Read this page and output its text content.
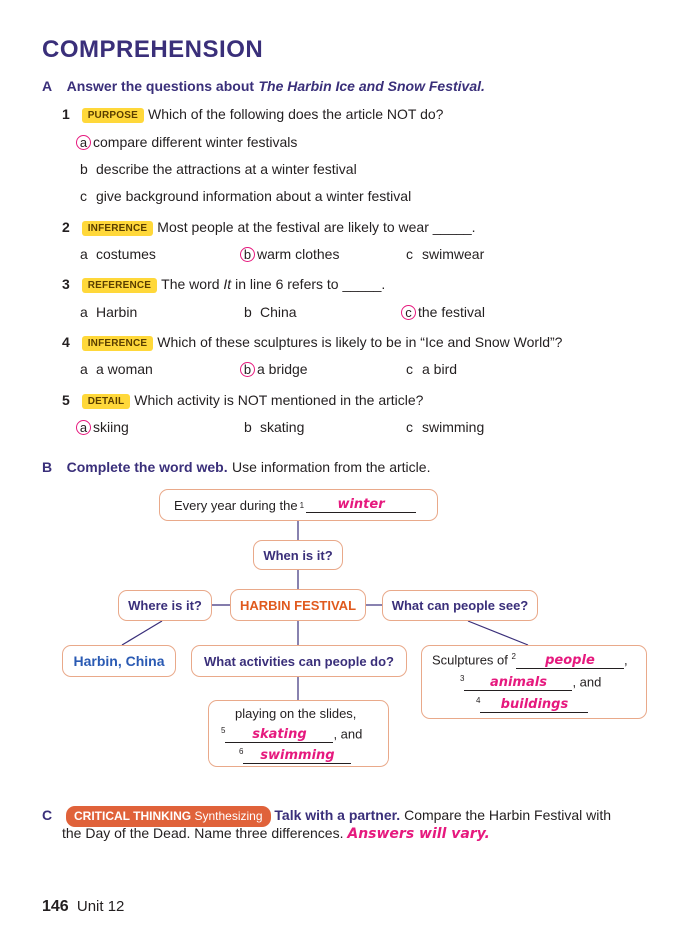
COMPREHENSION
A Answer the questions about The Harbin Ice and Snow Festival.
1 PURPOSE Which of the following does the article NOT do?
a compare different winter festivals
b describe the attractions at a winter festival
c give background information about a winter festival
2 INFERENCE Most people at the festival are likely to wear _____.
a costumes	b warm clothes	c swimwear
3 REFERENCE The word It in line 6 refers to _____.
a Harbin	b China	c the festival
4 INFERENCE Which of these sculptures is likely to be in “Ice and Snow World”?
a a woman	b a bridge	c a bird
5 DETAIL Which activity is NOT mentioned in the article?
a skiing	b skating	c swimming
B Complete the word web. Use information from the article.
Every year during the 1	winter
When is it?
Where is it?	HARBIN FESTIVAL	What can people see?
Harbin, China	What activities can people do?	Sculptures of $^2$ people ,
$^3$ animals , and
$^4$ buildings
playing on the slides,
$^5$ skating , and
$^6$ swimming
C CRITICAL THINKING Synthesizing Talk with a partner. Compare the Harbin Festival with
the Day of the Dead. Name three differences. Answers will vary.
146 Unit 12
